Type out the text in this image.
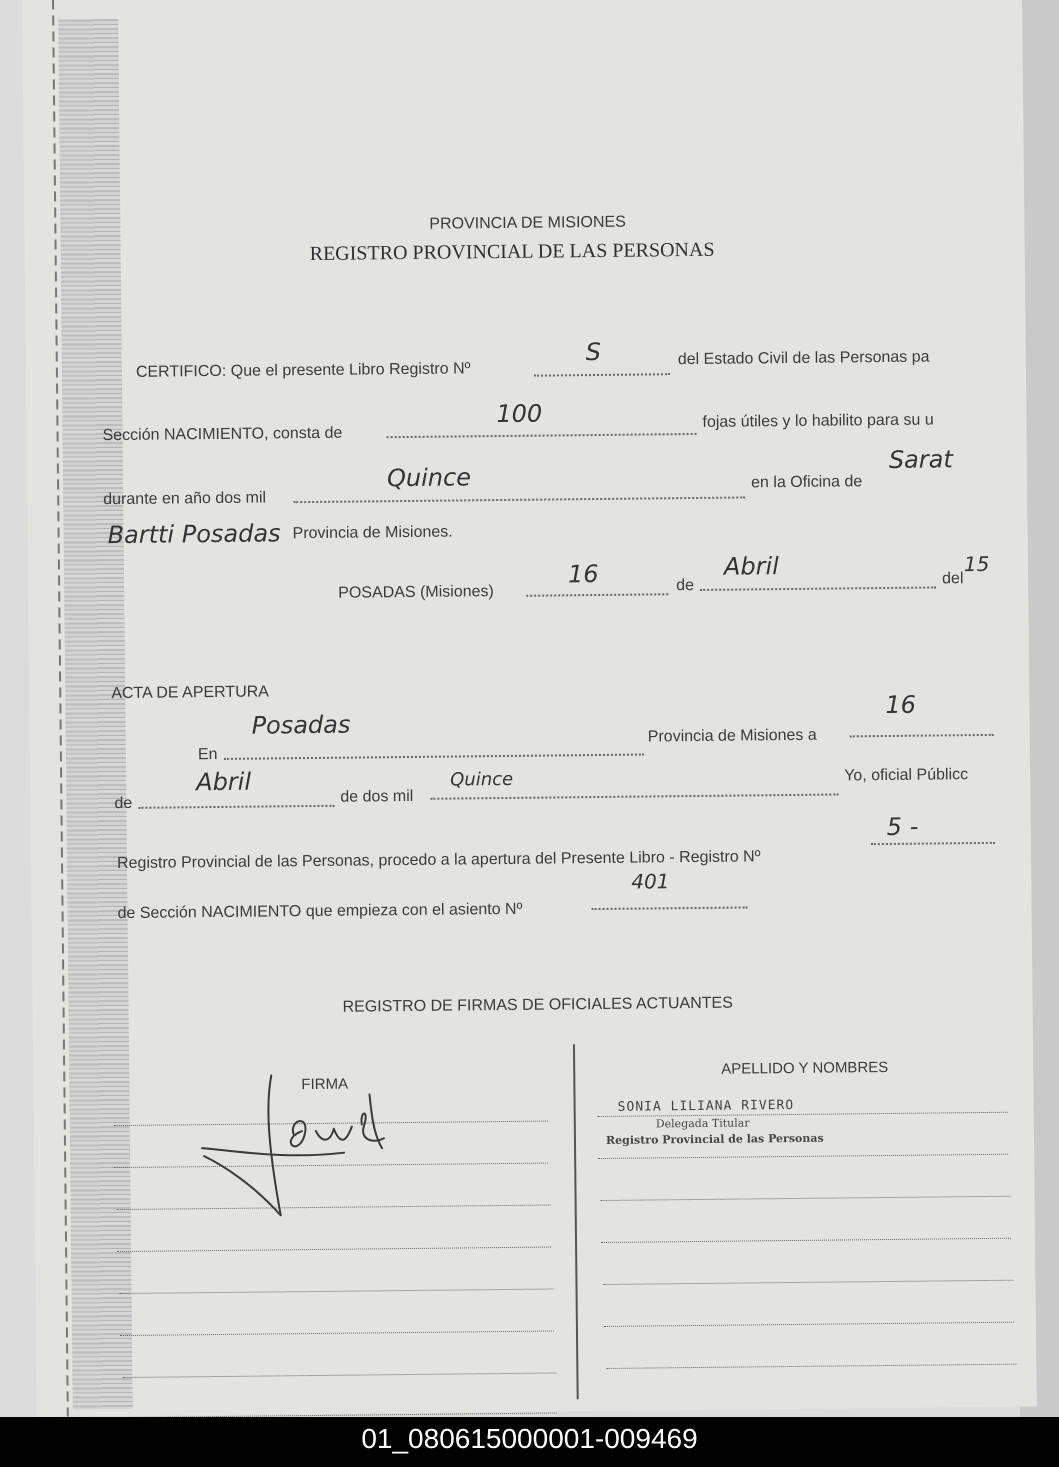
PROVINCIA DE MISIONES
REGISTRO PROVINCIAL DE LAS PERSONAS
CERTIFICO: Que el presente Libro Registro Nº
S	del Estado Civil de las Personas pa
Sección NACIMIENTO, consta de
100	fojas útiles y lo habilito para su u
durante en año dos mil
Quince	en la Oficina de
Sarat
Bartti Posadas Provincia de Misiones.
POSADAS (Misiones)
16	de
Abril	del
15
ACTA DE APERTURA
En
Posadas	Provincia de Misiones a
16
de
Abril
de dos mil
Quince	Yo, oficial Públicc
Registro Provincial de las Personas, procedo a la apertura del Presente Libro - Registro Nº
5 -
de Sección NACIMIENTO que empieza con el asiento Nº
401
REGISTRO DE FIRMAS DE OFICIALES ACTUANTES
FIRMA
APELLIDO Y NOMBRES
SONIA LILIANA RIVERO
Delegada Titular
Registro Provincial de las Personas
01_080615000001-009469
